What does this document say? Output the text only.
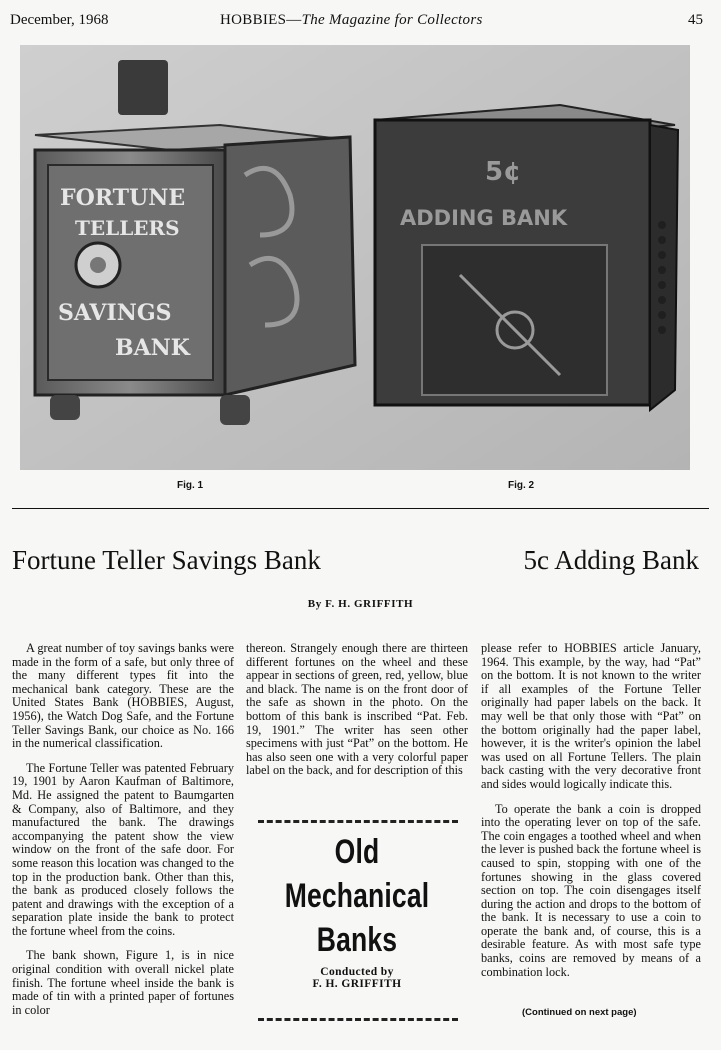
December, 1968	HOBBIES—The Magazine for Collectors	45
FORTUNE
TELLERS
SAVINGS
BANK
5¢
ADDING BANK
Fig. 1	Fig. 2
Fortune Teller Savings Bank	5c Adding Bank
By F. H. GRIFFITH

A great number of toy savings banks were made in the form of a safe, but only three of the many different types fit into the mechanical bank category. These are the United States Bank (HOBBIES, August, 1956), the Watch Dog Safe, and the Fortune Teller Savings Bank, our choice as No. 166 in the numerical classification.

The Fortune Teller was patented February 19, 1901 by Aaron Kaufman of Baltimore, Md. He assigned the patent to Baumgarten & Company, also of Baltimore, and they manufactured the bank. The drawings accompanying the patent show the view window on the front of the safe door. For some reason this location was changed to the top in the production bank. Other than this, the bank as produced closely follows the patent and drawings with the exception of a separation plate inside the bank to protect the fortune wheel from the coins.

The bank shown, Figure 1, is in nice original condition with overall nickel plate finish. The fortune wheel inside the bank is made of tin with a printed paper of fortunes in color

thereon. Strangely enough there are thirteen different fortunes on the wheel and these appear in sections of green, red, yellow, blue and black. The name is on the front door of the safe as shown in the photo. On the bottom of this bank is inscribed “Pat. Feb. 19, 1901.” The writer has seen other specimens with just “Pat” on the bottom. He has also seen one with a very colorful paper label on the back, and for description of this

Old
Mechanical
Banks
Conducted by
F. H. GRIFFITH

please refer to HOBBIES article January, 1964. This example, by the way, had “Pat” on the bottom. It is not known to the writer if all examples of the Fortune Teller originally had paper labels on the back. It may well be that only those with “Pat” on the bottom originally had the paper label, however, it is the writer's opinion the label was used on all Fortune Tellers. The plain back casting with the very decorative front and sides would logically indicate this.

To operate the bank a coin is dropped into the operating lever on top of the safe. The coin engages a toothed wheel and when the lever is pushed back the fortune wheel is caused to spin, stopping with one of the fortunes showing in the glass covered section on top. The coin disengages itself during the action and drops to the bottom of the bank. It is necessary to use a coin to operate the bank and, of course, this is a desirable feature. As with most safe type banks, coins are removed by means of a combination lock.

(Continued on next page)
